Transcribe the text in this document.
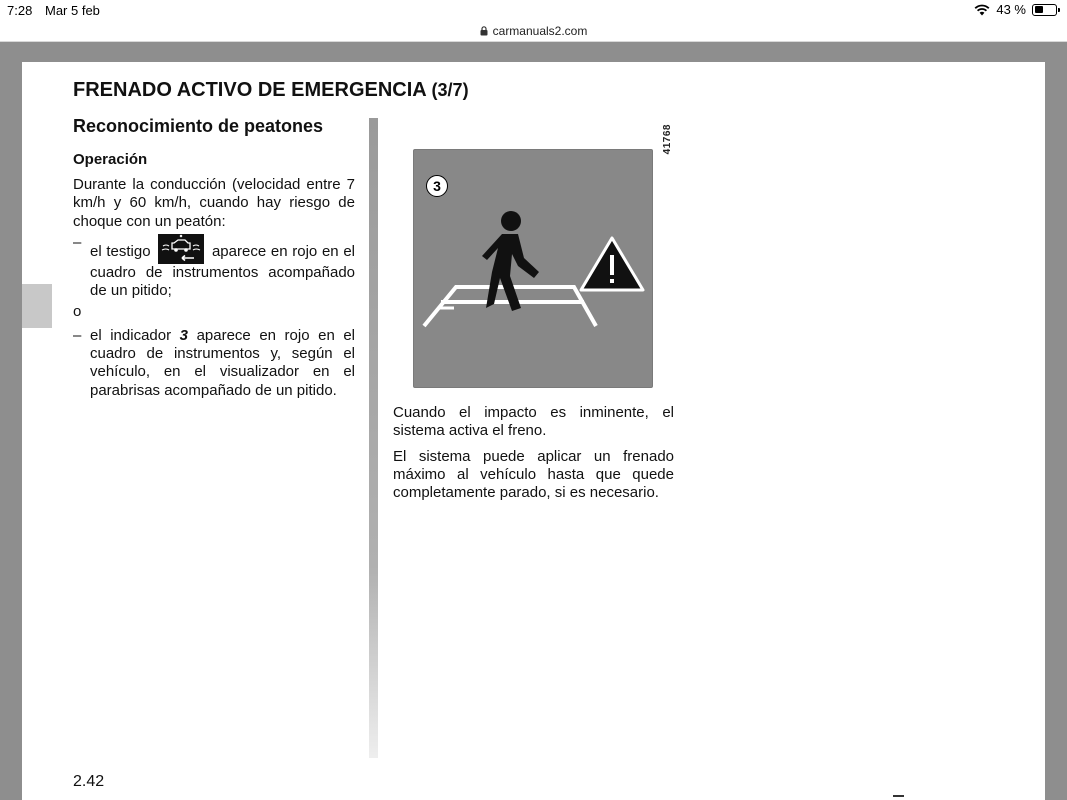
7:28 Mar 5 feb	43 %
carmanuals2.com
FRENADO ACTIVO DE EMERGENCIA (3/7)
Reconocimiento de peatones
Operación

Durante la conducción (velocidad entre 7 km/h y 60 km/h, cuando hay riesgo de choque con un peatón:

–
el testigo	aparece en rojo en el cuadro de instrumentos acompañado de un pitido;

o

– el indicador 3 aparece en rojo en el cuadro de instrumentos y, según el vehículo, en el visualizador en el parabrisas acompañado de un pitido.
3
41768

Cuando el impacto es inminente, el sistema activa el freno.

El sistema puede aplicar un frenado máximo al vehículo hasta que quede completamente parado, si es necesario.

2.42
